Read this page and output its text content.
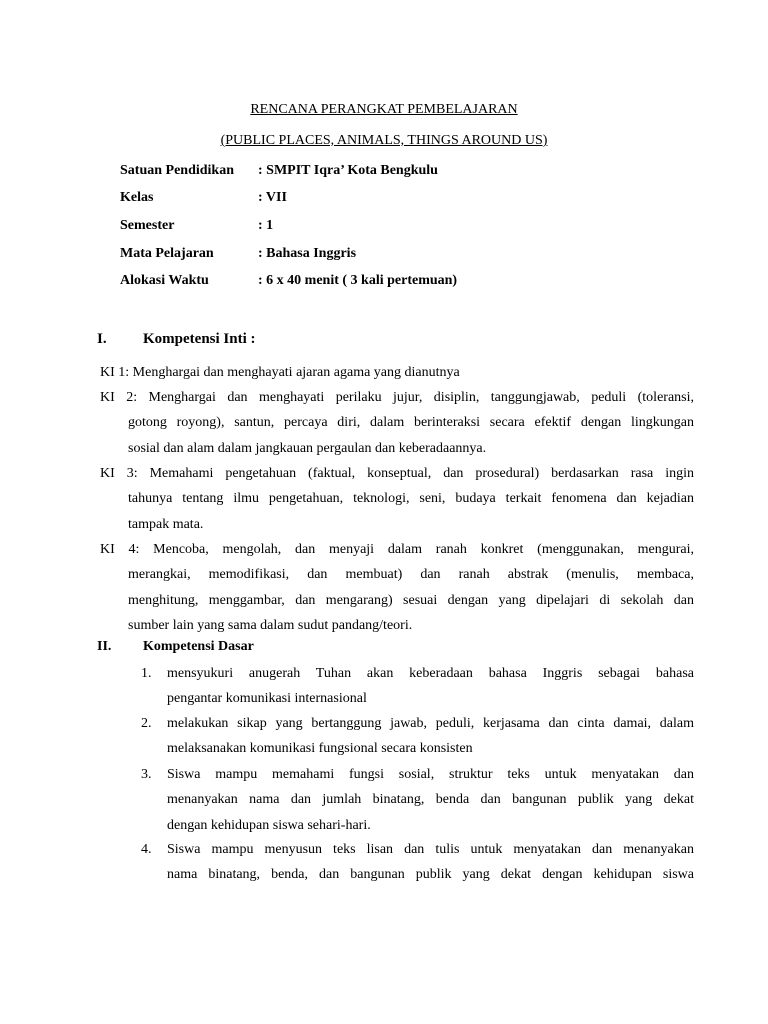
RENCANA PERANGKAT PEMBELAJARAN
(PUBLIC PLACES, ANIMALS, THINGS AROUND US)
Satuan Pendidikan : SMPIT Iqra’ Kota Bengkulu
Kelas	: VII
Semester	: 1
Mata Pelajaran	: Bahasa Inggris
Alokasi Waktu	: 6 x 40 menit ( 3 kali pertemuan)
I. Kompetensi Inti :
KI 1: Menghargai dan menghayati ajaran agama yang dianutnya
KI 2: Menghargai dan menghayati perilaku jujur, disiplin, tanggungjawab, peduli (toleransi,
gotong royong), santun, percaya diri, dalam berinteraksi secara efektif dengan lingkungan
sosial dan alam dalam jangkauan pergaulan dan keberadaannya.
KI 3: Memahami pengetahuan (faktual, konseptual, dan prosedural) berdasarkan rasa ingin
tahunya tentang ilmu pengetahuan, teknologi, seni, budaya terkait fenomena dan kejadian
tampak mata.
KI 4: Mencoba, mengolah, dan menyaji dalam ranah konkret (menggunakan, mengurai,
merangkai, memodifikasi, dan membuat) dan ranah abstrak (menulis, membaca,
menghitung, menggambar, dan mengarang) sesuai dengan yang dipelajari di sekolah dan
sumber lain yang sama dalam sudut pandang/teori.
II. Kompetensi Dasar
1. mensyukuri anugerah Tuhan akan keberadaan bahasa Inggris sebagai bahasa
pengantar komunikasi internasional
2. melakukan sikap yang bertanggung jawab, peduli, kerjasama dan cinta damai, dalam
melaksanakan komunikasi fungsional secara konsisten
3. Siswa mampu memahami fungsi sosial, struktur teks untuk menyatakan dan
menanyakan nama dan jumlah binatang, benda dan bangunan publik yang dekat
dengan kehidupan siswa sehari-hari.
4. Siswa mampu menyusun teks lisan dan tulis untuk menyatakan dan menanyakan
nama binatang, benda, dan bangunan publik yang dekat dengan kehidupan siswa
